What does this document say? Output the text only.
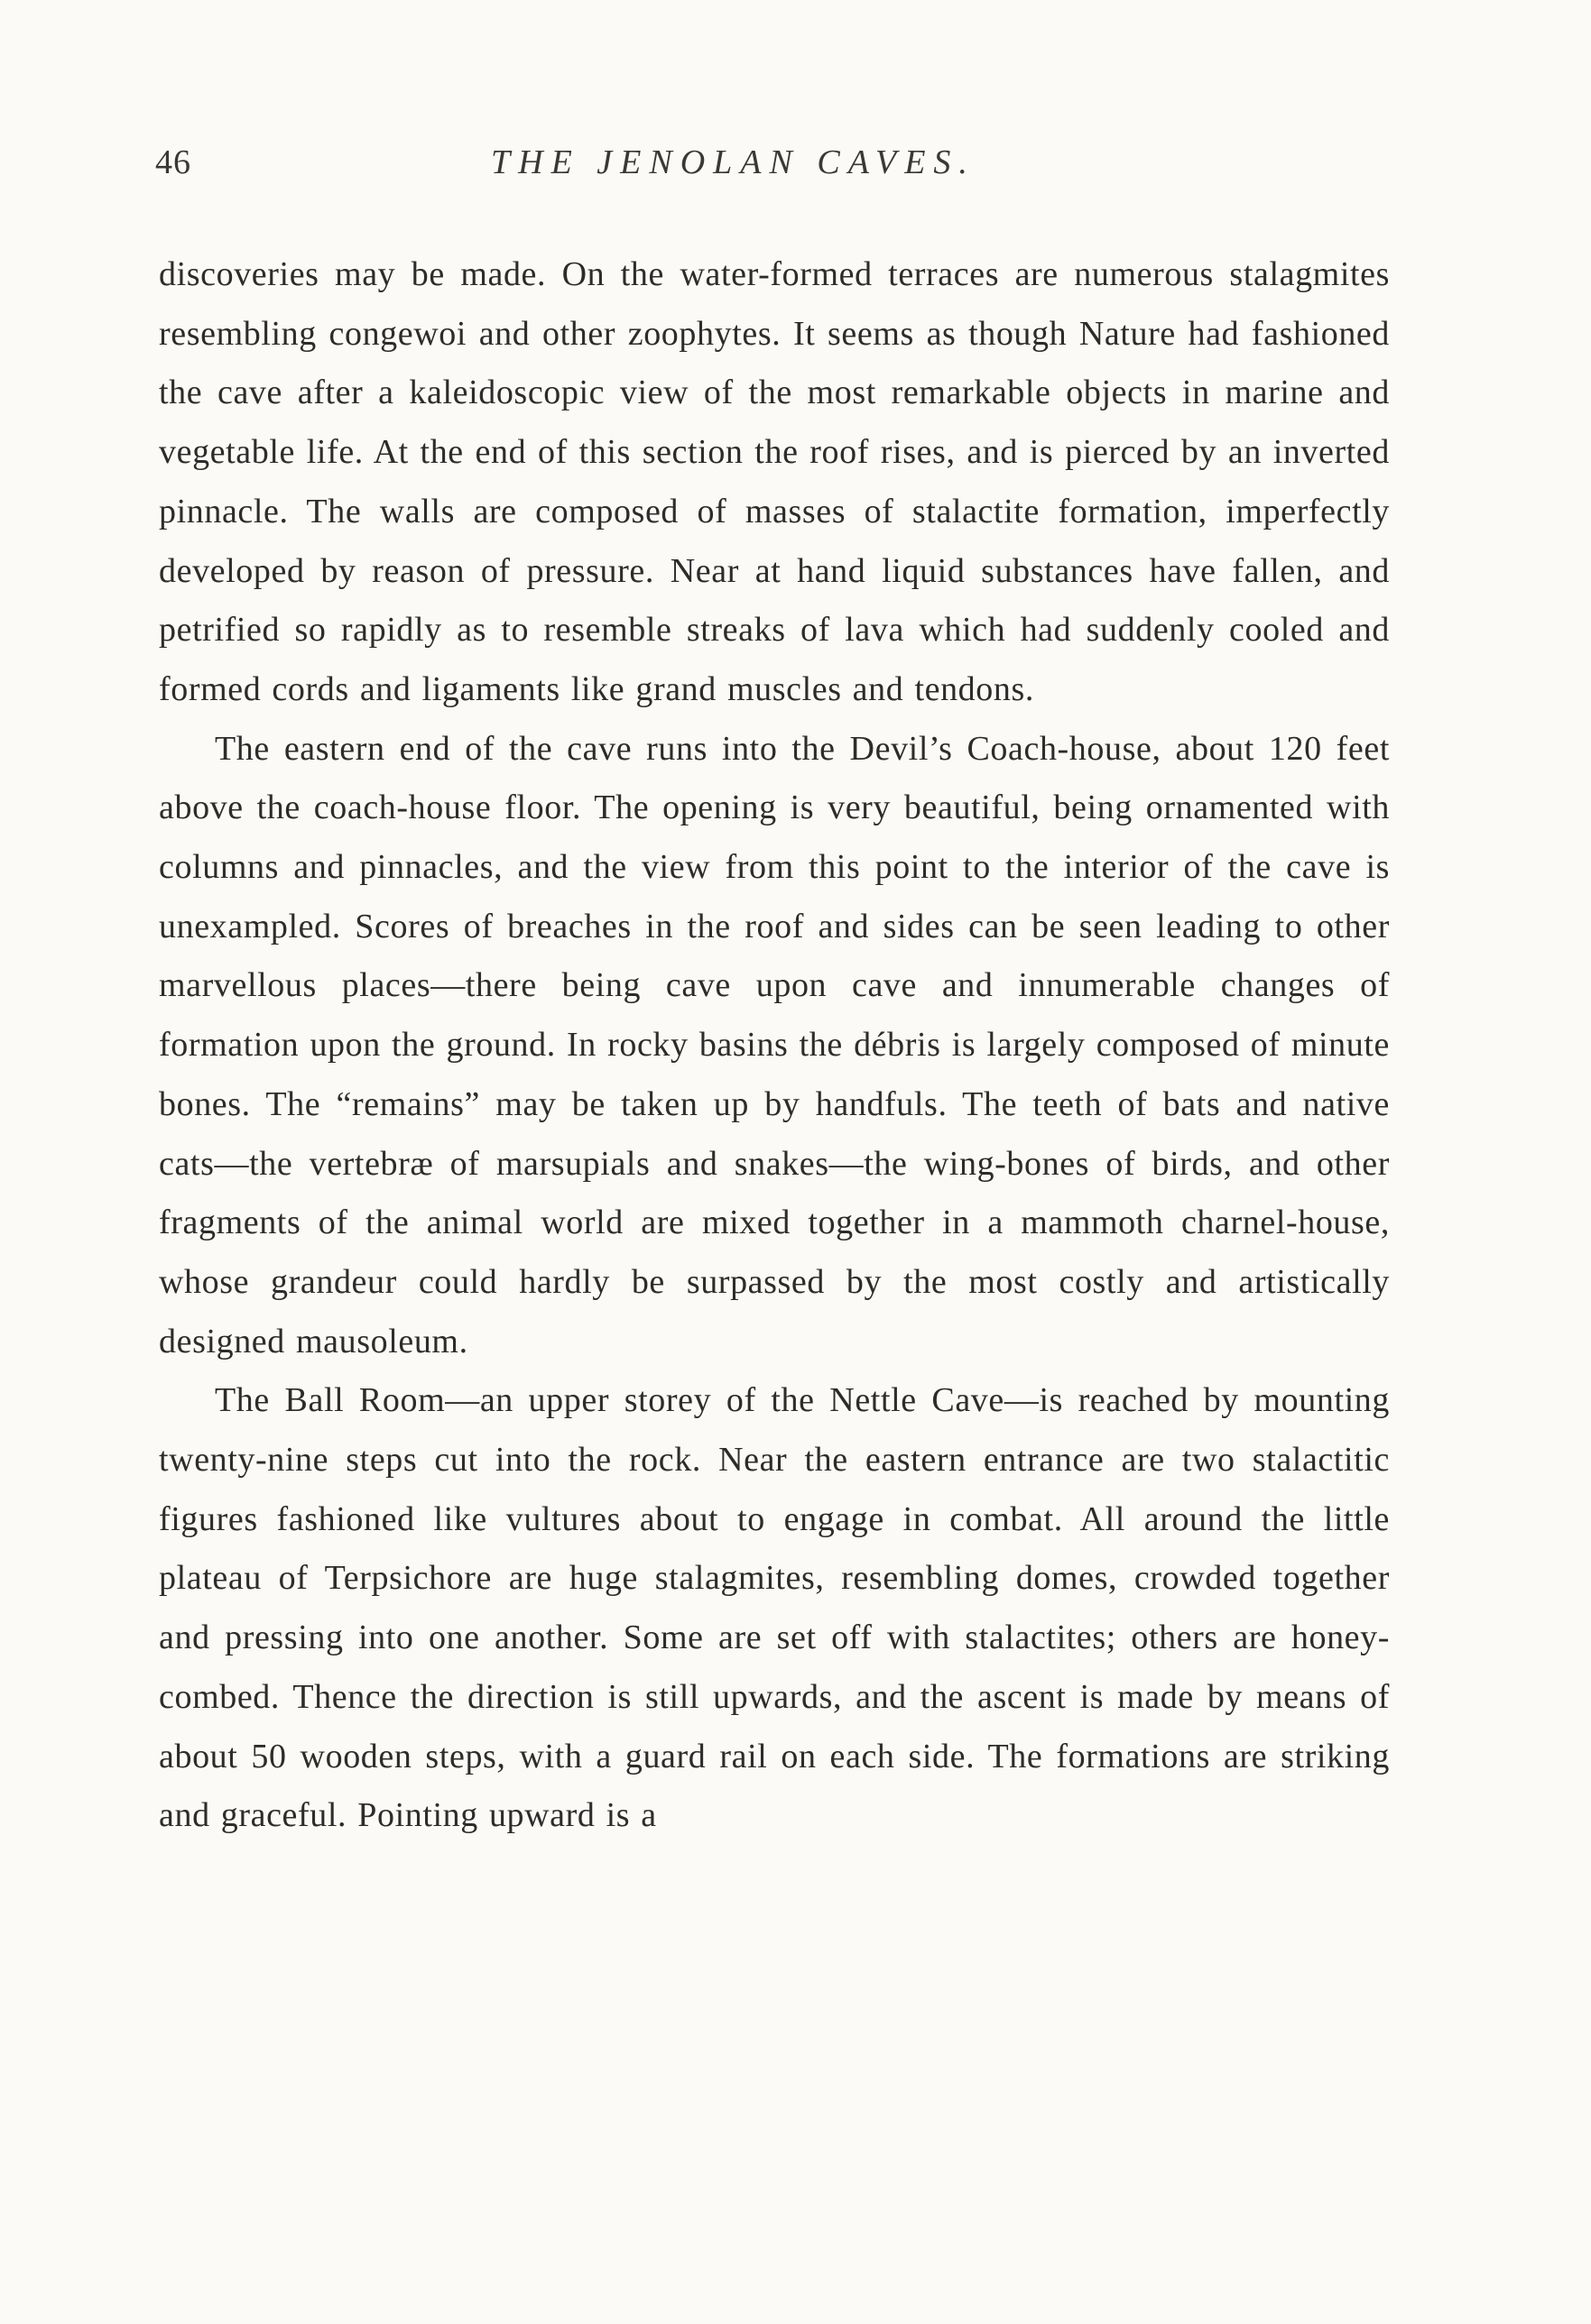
46	THE JENOLAN CAVES.

discoveries may be made. On the water-formed terraces are numerous stalagmites resembling congewoi and other zoophytes. It seems as though Nature had fashioned the cave after a kaleidoscopic view of the most remarkable objects in marine and vegetable life. At the end of this section the roof rises, and is pierced by an inverted pinnacle. The walls are composed of masses of stalactite formation, imperfectly developed by reason of pressure. Near at hand liquid substances have fallen, and petrified so rapidly as to resemble streaks of lava which had suddenly cooled and formed cords and ligaments like grand muscles and tendons.

The eastern end of the cave runs into the Devil’s Coach-house, about 120 feet above the coach-house floor. The opening is very beautiful, being ornamented with columns and pinnacles, and the view from this point to the interior of the cave is unexampled. Scores of breaches in the roof and sides can be seen leading to other marvellous places—there being cave upon cave and innumerable changes of formation upon the ground. In rocky basins the débris is largely composed of minute bones. The “remains” may be taken up by handfuls. The teeth of bats and native cats—the vertebræ of marsupials and snakes—the wing-bones of birds, and other fragments of the animal world are mixed together in a mammoth charnel-house, whose grandeur could hardly be surpassed by the most costly and artistically designed mausoleum.

The Ball Room—an upper storey of the Nettle Cave—is reached by mounting twenty-nine steps cut into the rock. Near the eastern entrance are two stalactitic figures fashioned like vultures about to engage in combat. All around the little plateau of Terpsichore are huge stalagmites, resembling domes, crowded together and pressing into one another. Some are set off with stalactites; others are honey-combed. Thence the direction is still upwards, and the ascent is made by means of about 50 wooden steps, with a guard rail on each side. The formations are striking and graceful. Pointing upward is a
